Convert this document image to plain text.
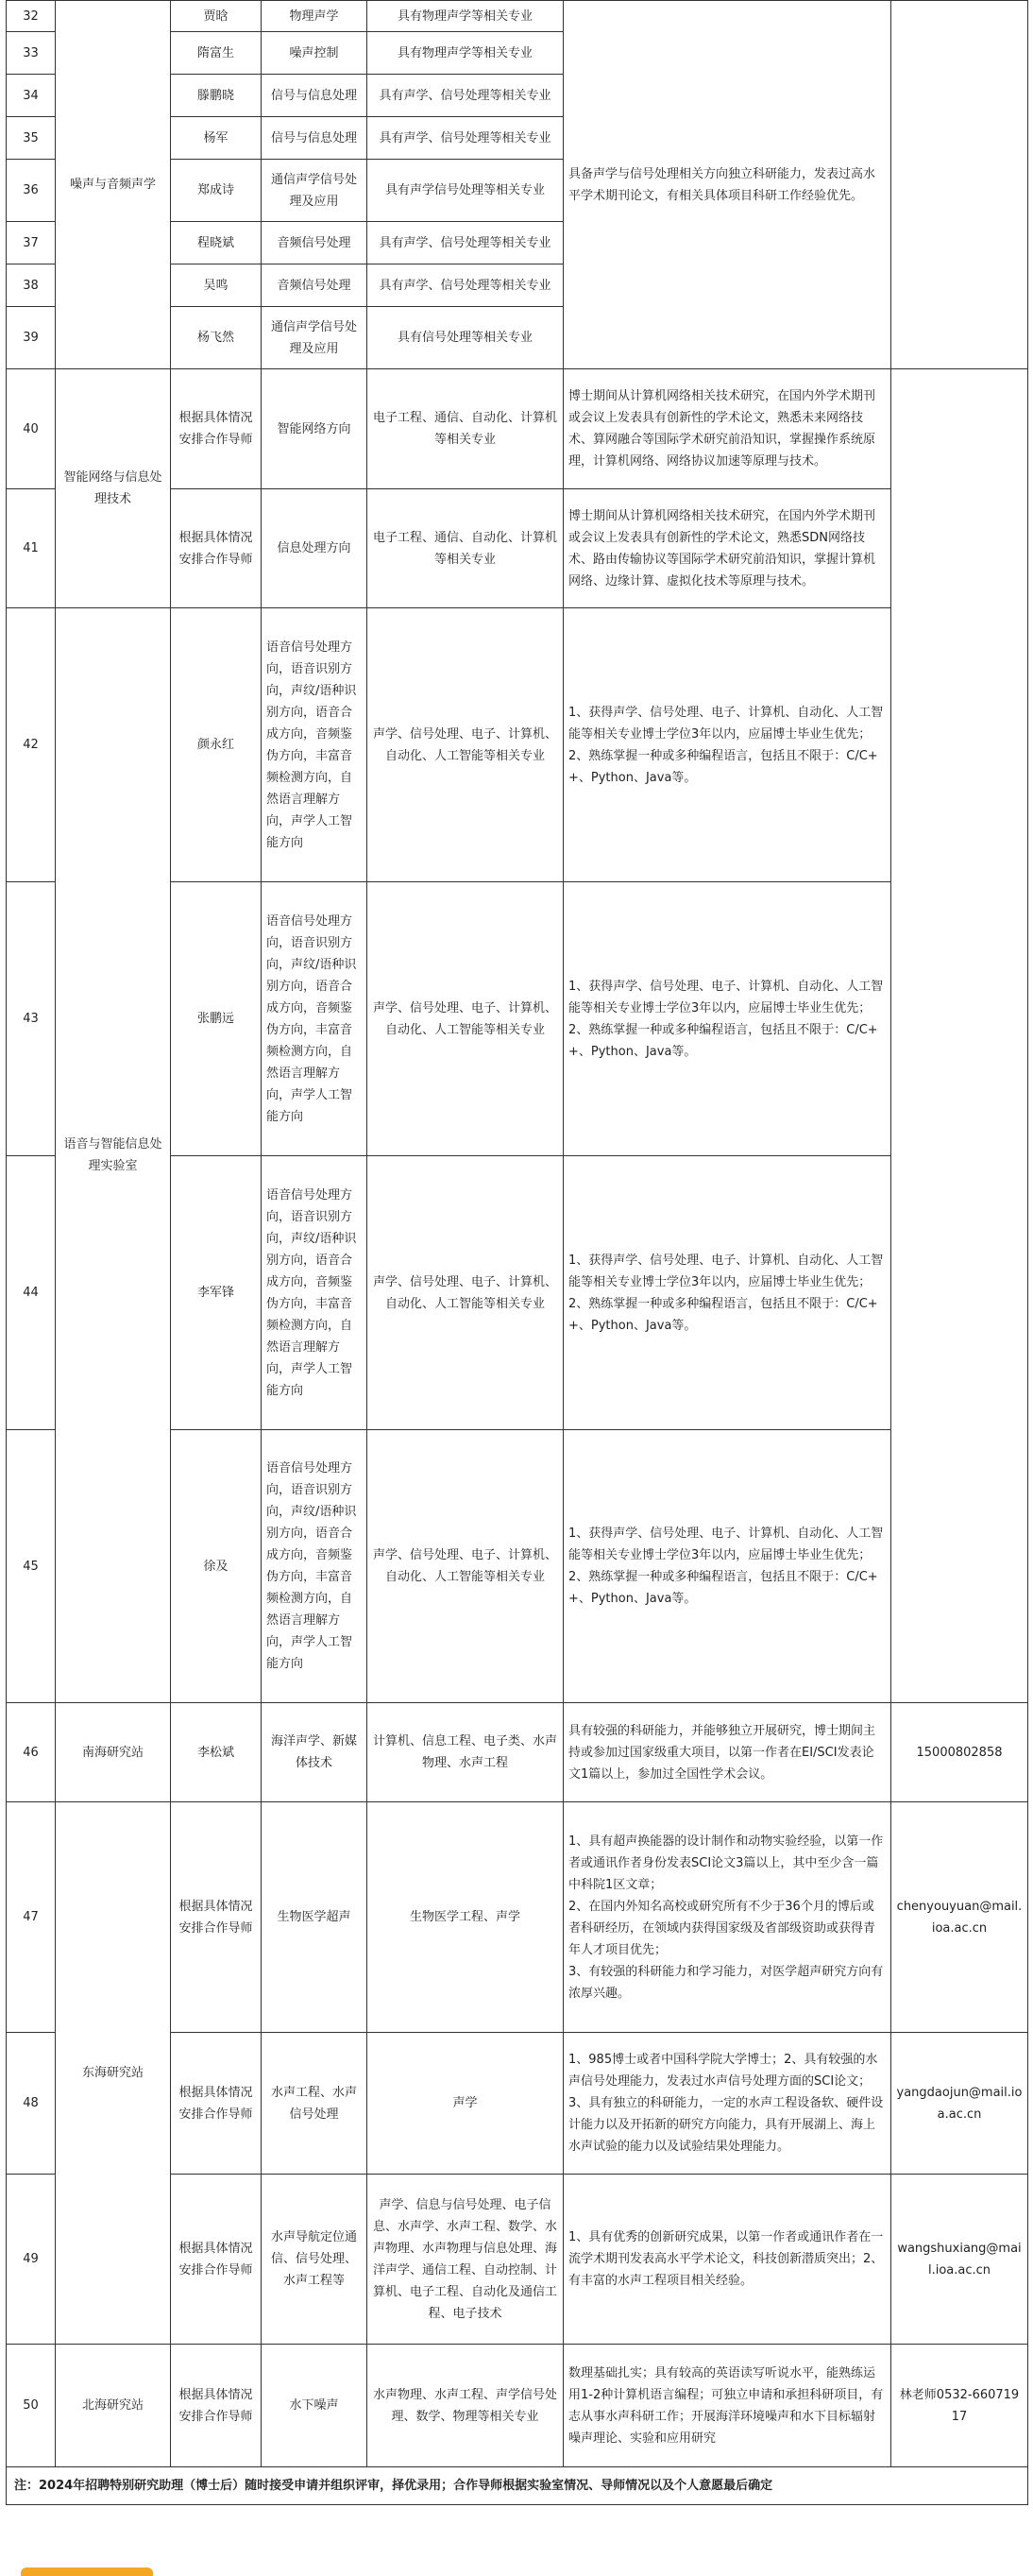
32	噪声与音频声学	贾晗	物理声学	具有物理声学等相关专业	具备声学与信号处理相关方向独立科研能力，发表过高水平学术期刊论文，有相关具体项目科研工作经验优先。	
33		隋富生	噪声控制	具有物理声学等相关专业		
34		滕鹏晓	信号与信息处理	具有声学、信号处理等相关专业		
35		杨军	信号与信息处理	具有声学、信号处理等相关专业		
36		郑成诗	通信声学信号处理及应用	具有声学信号处理等相关专业		
37		程晓斌	音频信号处理	具有声学、信号处理等相关专业		
38		吴鸣	音频信号处理	具有声学、信号处理等相关专业		
39		杨飞然	通信声学信号处理及应用	具有信号处理等相关专业		
40	智能网络与信息处理技术	根据具体情况安排合作导师	智能网络方向	电子工程、通信、自动化、计算机等相关专业	博士期间从计算机网络相关技术研究，在国内外学术期刊或会议上发表具有创新性的学术论文，熟悉未来网络技术、算网融合等国际学术研究前沿知识，掌握操作系统原理，计算机网络、网络协议加速等原理与技术。	
41		根据具体情况安排合作导师	信息处理方向	电子工程、通信、自动化、计算机等相关专业	博士期间从计算机网络相关技术研究，在国内外学术期刊或会议上发表具有创新性的学术论文，熟悉SDN网络技术、路由传输协议等国际学术研究前沿知识，掌握计算机网络、边缘计算、虚拟化技术等原理与技术。	
42	语音与智能信息处理实验室	颜永红	语音信号处理方向，语音识别方向，声纹/语种识别方向，语音合成方向，音频鉴伪方向，丰富音频检测方向，自然语言理解方向，声学人工智能方向	声学、信号处理、电子、计算机、自动化、人工智能等相关专业	1、获得声学、信号处理、电子、计算机、自动化、人工智能等相关专业博士学位3年以内，应届博士毕业生优先；2、熟练掌握一种或多种编程语言，包括且不限于：C/C++、Python、Java等。	
43		张鹏远	语音信号处理方向，语音识别方向，声纹/语种识别方向，语音合成方向，音频鉴伪方向，丰富音频检测方向，自然语言理解方向，声学人工智能方向	声学、信号处理、电子、计算机、自动化、人工智能等相关专业	1、获得声学、信号处理、电子、计算机、自动化、人工智能等相关专业博士学位3年以内，应届博士毕业生优先；2、熟练掌握一种或多种编程语言，包括且不限于：C/C++、Python、Java等。	
44		李军锋	语音信号处理方向，语音识别方向，声纹/语种识别方向，语音合成方向，音频鉴伪方向，丰富音频检测方向，自然语言理解方向，声学人工智能方向	声学、信号处理、电子、计算机、自动化、人工智能等相关专业	1、获得声学、信号处理、电子、计算机、自动化、人工智能等相关专业博士学位3年以内，应届博士毕业生优先；2、熟练掌握一种或多种编程语言，包括且不限于：C/C++、Python、Java等。	
45		徐及	语音信号处理方向，语音识别方向，声纹/语种识别方向，语音合成方向，音频鉴伪方向，丰富音频检测方向，自然语言理解方向，声学人工智能方向	声学、信号处理、电子、计算机、自动化、人工智能等相关专业	1、获得声学、信号处理、电子、计算机、自动化、人工智能等相关专业博士学位3年以内，应届博士毕业生优先；2、熟练掌握一种或多种编程语言，包括且不限于：C/C++、Python、Java等。	
46	南海研究站	李松斌	海洋声学、新媒体技术	计算机、信息工程、电子类、水声物理、水声工程	具有较强的科研能力，并能够独立开展研究，博士期间主持或参加过国家级重大项目，以第一作者在EI/SCI发表论文1篇以上，参加过全国性学术会议。	15000802858
47	东海研究站	根据具体情况安排合作导师	生物医学超声	生物医学工程、声学	1、具有超声换能器的设计制作和动物实验经验，以第一作者或通讯作者身份发表SCI论文3篇以上，其中至少含一篇中科院1区文章；
2、在国内外知名高校或研究所有不少于36个月的博后或者科研经历，在领域内获得国家级及省部级资助或获得青年人才项目优先；
3、有较强的科研能力和学习能力，对医学超声研究方向有浓厚兴趣。	chenyouyuan@mail.ioa.ac.cn
48		根据具体情况安排合作导师	水声工程、水声信号处理	声学	1、985博士或者中国科学院大学博士；2、具有较强的水声信号处理能力，发表过水声信号处理方面的SCI论文；
3、具有独立的科研能力，一定的水声工程设备软、硬件设计能力以及开拓新的研究方向能力，具有开展湖上、海上水声试验的能力以及试验结果处理能力。	yangdaojun@mail.ioa.ac.cn
49		根据具体情况安排合作导师	水声导航定位通信、信号处理、水声工程等	声学、信息与信号处理、电子信息、水声学、水声工程、数学、水声物理、水声物理与信息处理、海洋声学、通信工程、自动控制、计算机、电子工程、自动化及通信工程、电子技术	1、具有优秀的创新研究成果，以第一作者或通讯作者在一流学术期刊发表高水平学术论文，科技创新潜质突出；2、有丰富的水声工程项目相关经验。	wangshuxiang@mail.ioa.ac.cn
50	北海研究站	根据具体情况安排合作导师	水下噪声	水声物理、水声工程、声学信号处理、数学、物理等相关专业	数理基础扎实；具有较高的英语读写听说水平，能熟练运用1-2种计算机语言编程；可独立申请和承担科研项目，有志从事水声科研工作；开展海洋环境噪声和水下目标辐射噪声理论、实验和应用研究	林老师0532-66071917
注：2024年招聘特别研究助理（博士后）随时接受申请并组织评审，择优录用；合作导师根据实验室情况、导师情况以及个人意愿最后确定						
